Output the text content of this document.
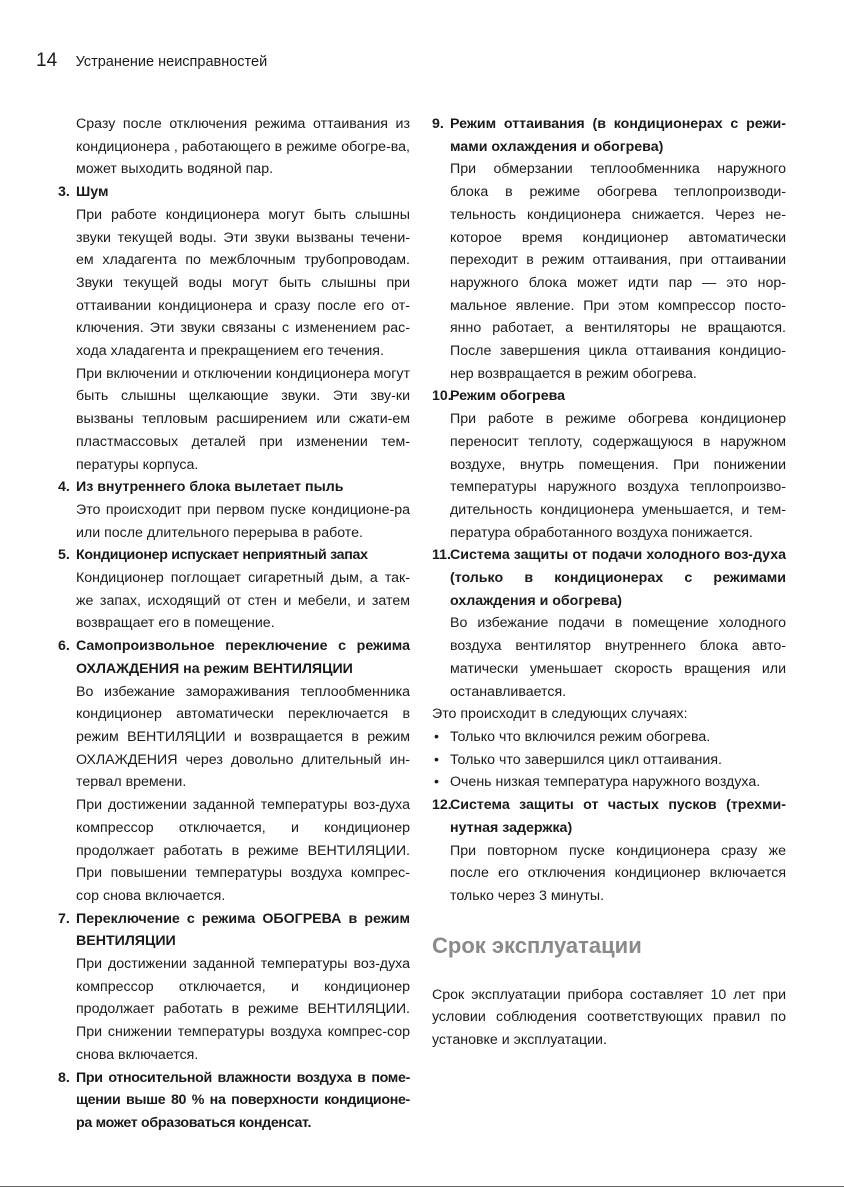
14 Устранение неисправностей

Сразу после отключения режима оттаивания из кондиционера , работающего в режиме обогре-ва, может выходить водяной пар.

3. Шум

При работе кондиционера могут быть слышны звуки текущей воды. Эти звуки вызваны течени-ем хладагента по межблочным трубопроводам. Звуки текущей воды могут быть слышны при оттаивании кондиционера и сразу после его от-ключения. Эти звуки связаны с изменением рас-хода хладагента и прекращением его течения.

При включении и отключении кондиционера могут быть слышны щелкающие звуки. Эти зву-ки вызваны тепловым расширением или сжати-ем пластмассовых деталей при изменении тем-пературы корпуса.

4. Из внутреннего блока вылетает пыль

Это происходит при первом пуске кондиционе-ра или после длительного перерыва в работе.

5. Кондиционер испускает неприятный запах

Кондиционер поглощает сигаретный дым, а так-же запах, исходящий от стен и мебели, и затем возвращает его в помещение.

6. Самопроизвольное переключение с режима ОХЛАЖДЕНИЯ на режим ВЕНТИЛЯЦИИ

Во избежание замораживания теплообменника кондиционер автоматически переключается в режим ВЕНТИЛЯЦИИ и возвращается в режим ОХЛАЖДЕНИЯ через довольно длительный ин-тервал времени.

При достижении заданной температуры воз-духа компрессор отключается, и кондиционер продолжает работать в режиме ВЕНТИЛЯЦИИ. При повышении температуры воздуха компрес-сор снова включается.

7. Переключение с режима ОБОГРЕВА в режим ВЕНТИЛЯЦИИ

При достижении заданной температуры воз-духа компрессор отключается, и кондиционер продолжает работать в режиме ВЕНТИЛЯЦИИ. При снижении температуры воздуха компрес-сор снова включается.

8. При относительной влажности воздуха в поме-щении выше 80 % на поверхности кондиционе-ра может образоваться конденсат.

9. Режим оттаивания (в кондиционерах с режи-мами охлаждения и обогрева)

При обмерзании теплообменника наружного блока в режиме обогрева теплопроизводи-тельность кондиционера снижается. Через не-которое время кондиционер автоматически переходит в режим оттаивания, при оттаивании наружного блока может идти пар — это нор-мальное явление. При этом компрессор посто-янно работает, а вентиляторы не вращаются. После завершения цикла оттаивания кондицио-нер возвращается в режим обогрева.

10.

Режим обогрева

При работе в режиме обогрева кондиционер переносит теплоту, содержащуюся в наружном воздухе, внутрь помещения. При понижении температуры наружного воздуха теплопроизво-дительность кондиционера уменьшается, и тем-пература обработанного воздуха понижается.

11. Система защиты от подачи холодного воз-духа (только в кондиционерах с режимами охлаждения и обогрева)

Во избежание подачи в помещение холодного воздуха вентилятор внутреннего блока авто-матически уменьшает скорость вращения или останавливается.

Это происходит в следующих случаях:

• Только что включился режим обогрева.
• Только что завершился цикл оттаивания.
• Очень низкая температура наружного воздуха.
12.

Система защиты от частых пусков (трехми-нутная задержка)

При повторном пуске кондиционера сразу же после его отключения кондиционер включается только через 3 минуты.

Срок эксплуатации

Срок эксплуатации прибора составляет 10 лет при условии соблюдения соответствующих правил по установке и эксплуатации.
